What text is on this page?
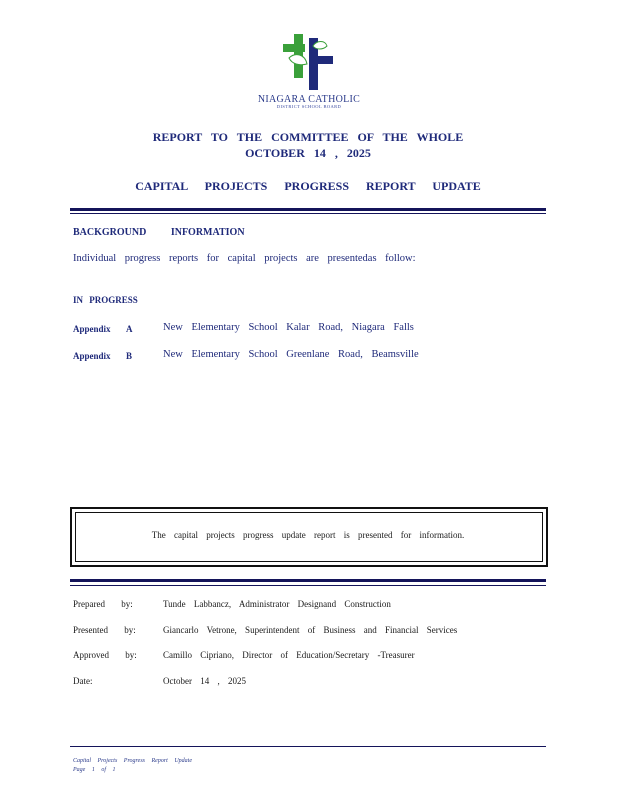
NIAGARA CATHOLIC
DISTRICT SCHOOL BOARD
REPORT TO THE COMMITTEE OF THE WHOLE
OCTOBER 14 , 2025
CAPITAL PROJECTS PROGRESS REPORT UPDATE
BACKGROUND INFORMATION
Individual progress reports for capital projects are presentedas follow:
IN PROGRESS
Appendix A	New Elementary School Kalar Road, Niagara Falls
Appendix B	New Elementary School Greenlane Road, Beamsville
The capital projects progress update report is presented for information.
Prepared by:	Tunde Labbancz, Administrator Designand Construction
Presented by:	Giancarlo Vetrone, Superintendent of Business and Financial Services
Approved by:	Camillo Cipriano, Director of Education/Secretary -Treasurer
Date:	October 14 , 2025
Capital Projects Progress Report Update
Page 1 of 1
